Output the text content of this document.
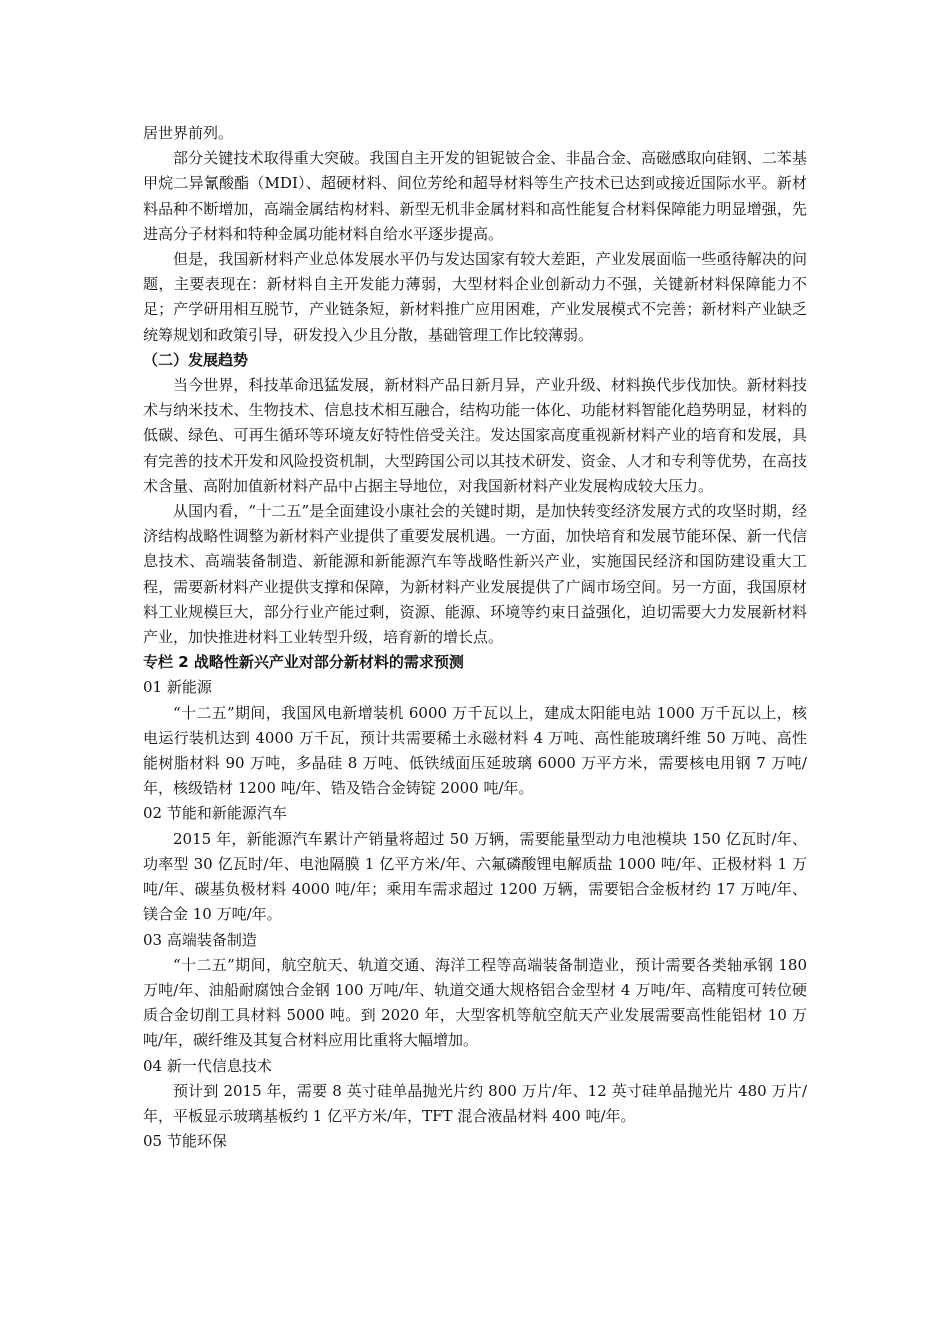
居世界前列。

部分关键技术取得重大突破。我国自主开发的钽铌铍合金、非晶合金、高磁感取向硅钢、二苯基甲烷二异氰酸酯（MDI）、超硬材料、间位芳纶和超导材料等生产技术已达到或接近国际水平。新材料品种不断增加，高端金属结构材料、新型无机非金属材料和高性能复合材料保障能力明显增强，先进高分子材料和特种金属功能材料自给水平逐步提高。

但是，我国新材料产业总体发展水平仍与发达国家有较大差距，产业发展面临一些亟待解决的问题，主要表现在：新材料自主开发能力薄弱，大型材料企业创新动力不强，关键新材料保障能力不足；产学研用相互脱节，产业链条短，新材料推广应用困难，产业发展模式不完善；新材料产业缺乏统筹规划和政策引导，研发投入少且分散，基础管理工作比较薄弱。

（二）发展趋势

当今世界，科技革命迅猛发展，新材料产品日新月异，产业升级、材料换代步伐加快。新材料技术与纳米技术、生物技术、信息技术相互融合，结构功能一体化、功能材料智能化趋势明显，材料的低碳、绿色、可再生循环等环境友好特性倍受关注。发达国家高度重视新材料产业的培育和发展，具有完善的技术开发和风险投资机制，大型跨国公司以其技术研发、资金、人才和专利等优势，在高技术含量、高附加值新材料产品中占据主导地位，对我国新材料产业发展构成较大压力。

从国内看，“十二五”是全面建设小康社会的关键时期，是加快转变经济发展方式的攻坚时期，经济结构战略性调整为新材料产业提供了重要发展机遇。一方面，加快培育和发展节能环保、新一代信息技术、高端装备制造、新能源和新能源汽车等战略性新兴产业，实施国民经济和国防建设重大工程，需要新材料产业提供支撑和保障，为新材料产业发展提供了广阔市场空间。另一方面，我国原材料工业规模巨大，部分行业产能过剩，资源、能源、环境等约束日益强化，迫切需要大力发展新材料产业，加快推进材料工业转型升级，培育新的增长点。

专栏 2 战略性新兴产业对部分新材料的需求预测

01 新能源

“十二五”期间，我国风电新增装机 6000 万千瓦以上，建成太阳能电站 1000 万千瓦以上，核电运行装机达到 4000 万千瓦，预计共需要稀土永磁材料 4 万吨、高性能玻璃纤维 50 万吨、高性能树脂材料 90 万吨，多晶硅 8 万吨、低铁绒面压延玻璃 6000 万平方米，需要核电用钢 7 万吨/年，核级锆材 1200 吨/年、锆及锆合金铸锭 2000 吨/年。

02 节能和新能源汽车

2015 年，新能源汽车累计产销量将超过 50 万辆，需要能量型动力电池模块 150 亿瓦时/年、功率型 30 亿瓦时/年、电池隔膜 1 亿平方米/年、六氟磷酸锂电解质盐 1000 吨/年、正极材料 1 万吨/年、碳基负极材料 4000 吨/年；乘用车需求超过 1200 万辆，需要铝合金板材约 17 万吨/年、镁合金 10 万吨/年。

03 高端装备制造

“十二五”期间，航空航天、轨道交通、海洋工程等高端装备制造业，预计需要各类轴承钢 180 万吨/年、油船耐腐蚀合金钢 100 万吨/年、轨道交通大规格铝合金型材 4 万吨/年、高精度可转位硬质合金切削工具材料 5000 吨。到 2020 年，大型客机等航空航天产业发展需要高性能铝材 10 万吨/年，碳纤维及其复合材料应用比重将大幅增加。

04 新一代信息技术

预计到 2015 年，需要 8 英寸硅单晶抛光片约 800 万片/年、12 英寸硅单晶抛光片 480 万片/年，平板显示玻璃基板约 1 亿平方米/年，TFT 混合液晶材料 400 吨/年。

05 节能环保
